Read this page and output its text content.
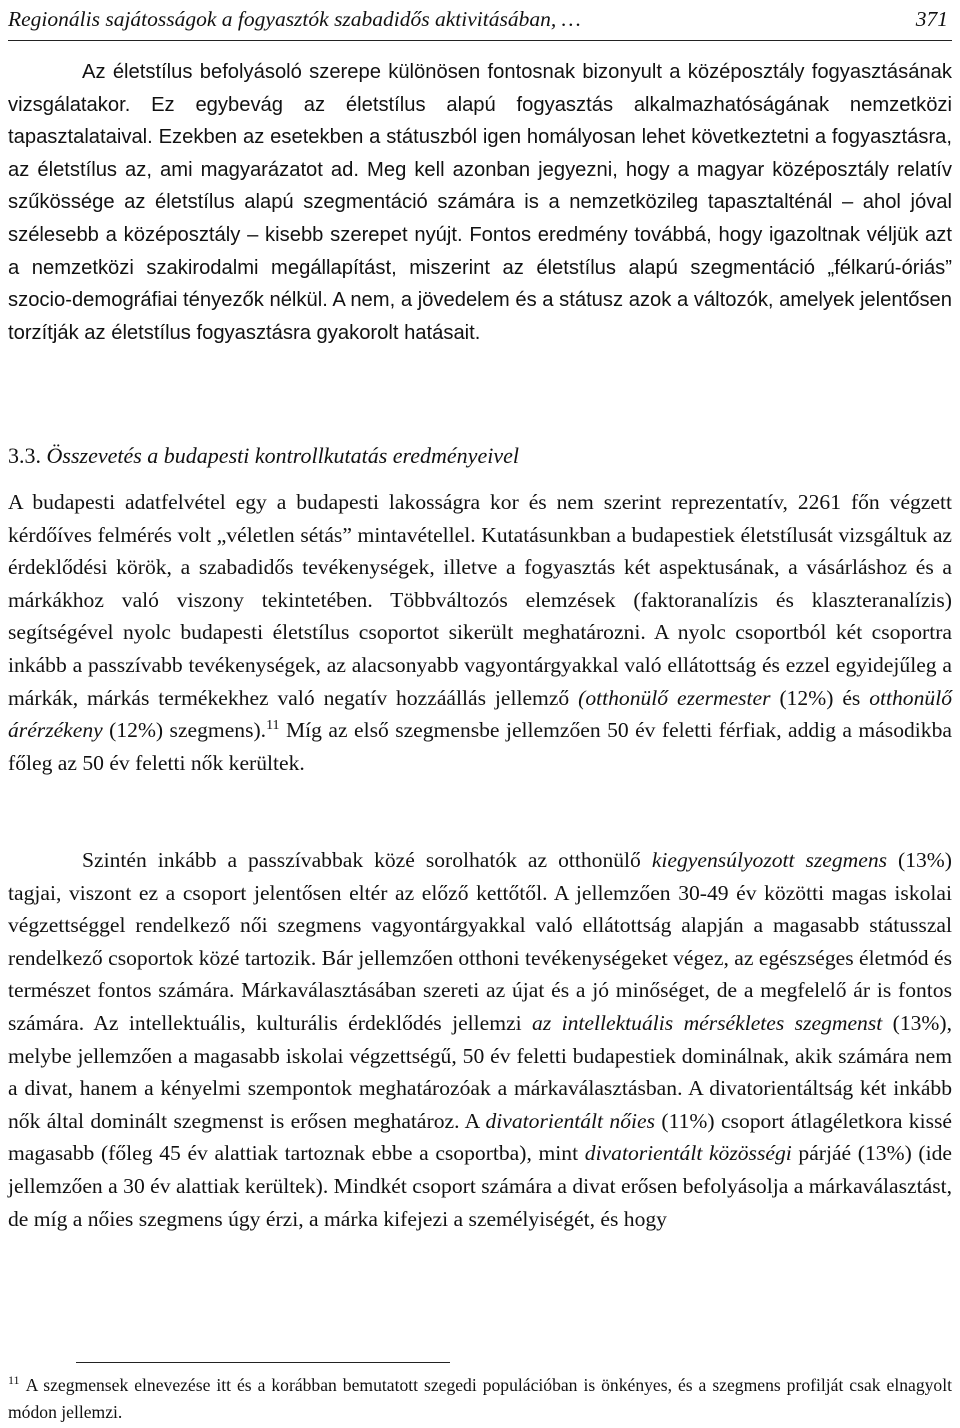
Regionális sajátosságok a fogyasztók szabadidős aktivitásában, …	371

Az életstílus befolyásoló szerepe különösen fontosnak bizonyult a középosztály fogyasztásának vizsgálatakor. Ez egybevág az életstílus alapú fogyasztás alkalmazhatóságának nemzetközi tapasztalataival. Ezekben az esetekben a státuszból igen homályosan lehet következtetni a fogyasztásra, az életstílus az, ami magyarázatot ad. Meg kell azonban jegyezni, hogy a magyar középosztály relatív szűkössége az életstílus alapú szegmentáció számára is a nemzetközileg tapasztalténál – ahol jóval szélesebb a középosztály – kisebb szerepet nyújt. Fontos eredmény továbbá, hogy igazoltnak véljük azt a nemzetközi szakirodalmi megállapítást, miszerint az életstílus alapú szegmentáció „félkarú-óriás” szocio-demográfiai tényezők nélkül. A nem, a jövedelem és a státusz azok a változók, amelyek jelentősen torzítják az életstílus fogyasztásra gyakorolt hatásait.

3.3. Összevetés a budapesti kontrollkutatás eredményeivel

A budapesti adatfelvétel egy a budapesti lakosságra kor és nem szerint reprezentatív, 2261 főn végzett kérdőíves felmérés volt „véletlen sétás” mintavétellel. Kutatásunkban a budapestiek életstílusát vizsgáltuk az érdeklődési körök, a szabadidős tevékenységek, illetve a fogyasztás két aspektusának, a vásárláshoz és a márkákhoz való viszony tekintetében. Többváltozós elemzések (faktoranalízis és klaszteranalízis) segítségével nyolc budapesti életstílus csoportot sikerült meghatározni. A nyolc csoportból két csoportra inkább a passzívabb tevékenységek, az alacsonyabb vagyontárgyakkal való ellátottság és ezzel egyidejűleg a márkák, márkás termékekhez való negatív hozzáállás jellemző (otthonülő ezermester (12%) és otthonülő árérzékeny (12%) szegmens).$^{11}$ Míg az első szegmensbe jellemzően 50 év feletti férfiak, addig a másodikba főleg az 50 év feletti nők kerültek.

Szintén inkább a passzívabbak közé sorolhatók az otthonülő kiegyensúlyozott szegmens (13%) tagjai, viszont ez a csoport jelentősen eltér az előző kettőtől. A jellemzően 30-49 év közötti magas iskolai végzettséggel rendelkező női szegmens vagyontárgyakkal való ellátottság alapján a magasabb státusszal rendelkező csoportok közé tartozik. Bár jellemzően otthoni tevékenységeket végez, az egészséges életmód és természet fontos számára. Márkaválasztásában szereti az újat és a jó minőséget, de a megfelelő ár is fontos számára. Az intellektuális, kulturális érdeklődés jellemzi az intellektuális mérsékletes szegmenst (13%), melybe jellemzően a magasabb iskolai végzettségű, 50 év feletti budapestiek dominálnak, akik számára nem a divat, hanem a kényelmi szempontok meghatározóak a márkaválasztásban. A divatorientáltság két inkább nők által dominált szegmenst is erősen meghatároz. A divatorientált nőies (11%) csoport átlagéletkora kissé magasabb (főleg 45 év alattiak tartoznak ebbe a csoportba), mint divatorientált közösségi párjáé (13%) (ide jellemzően a 30 év alattiak kerültek). Mindkét csoport számára a divat erősen befolyásolja a márkaválasztást, de míg a nőies szegmens úgy érzi, a márka kifejezi a személyiségét, és hogy

$^{11}$ A szegmensek elnevezése itt és a korábban bemutatott szegedi populációban is önkényes, és a szegmens profilját csak elnagyolt módon jellemzi.
